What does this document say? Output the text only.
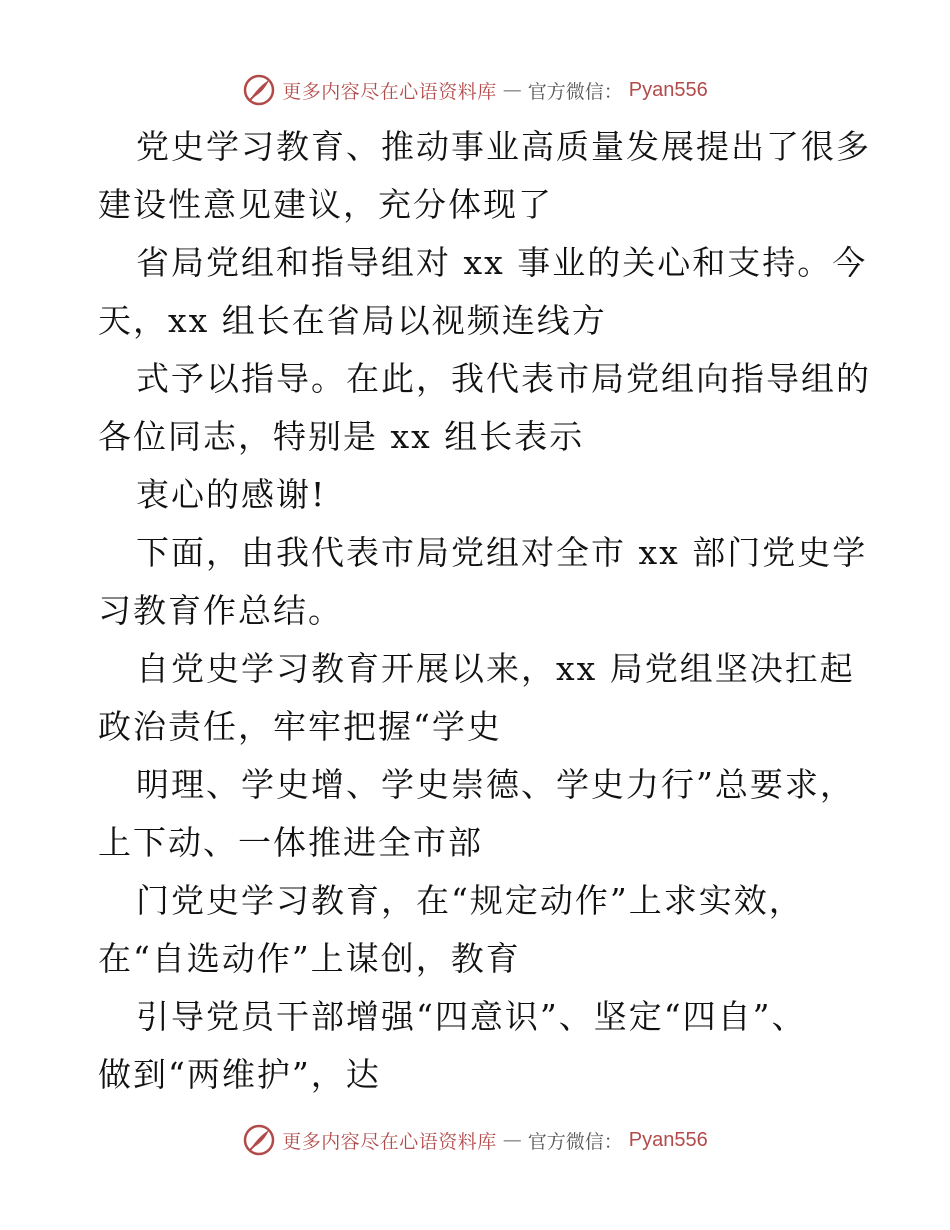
更多内容尽在心语资料库 — 官方微信： Pyan556
党史学习教育、推动事业高质量发展提出了很多
建设性意见建议，充分体现了
省局党组和指导组对 xx 事业的关心和支持。今
天，xx 组长在省局以视频连线方
式予以指导。在此，我代表市局党组向指导组的
各位同志，特别是 xx 组长表示
衷心的感谢!
下面，由我代表市局党组对全市 xx 部门党史学
习教育作总结。
自党史学习教育开展以来，xx 局党组坚决扛起
政治责任，牢牢把握“学史
明理、学史增、学史崇德、学史力行”总要求，
上下动、一体推进全市部
门党史学习教育，在“规定动作”上求实效，
在“自选动作”上谋创，教育
引导党员干部增强“四意识”、坚定“四自”、
做到“两维护”，达
更多内容尽在心语资料库 — 官方微信： Pyan556
